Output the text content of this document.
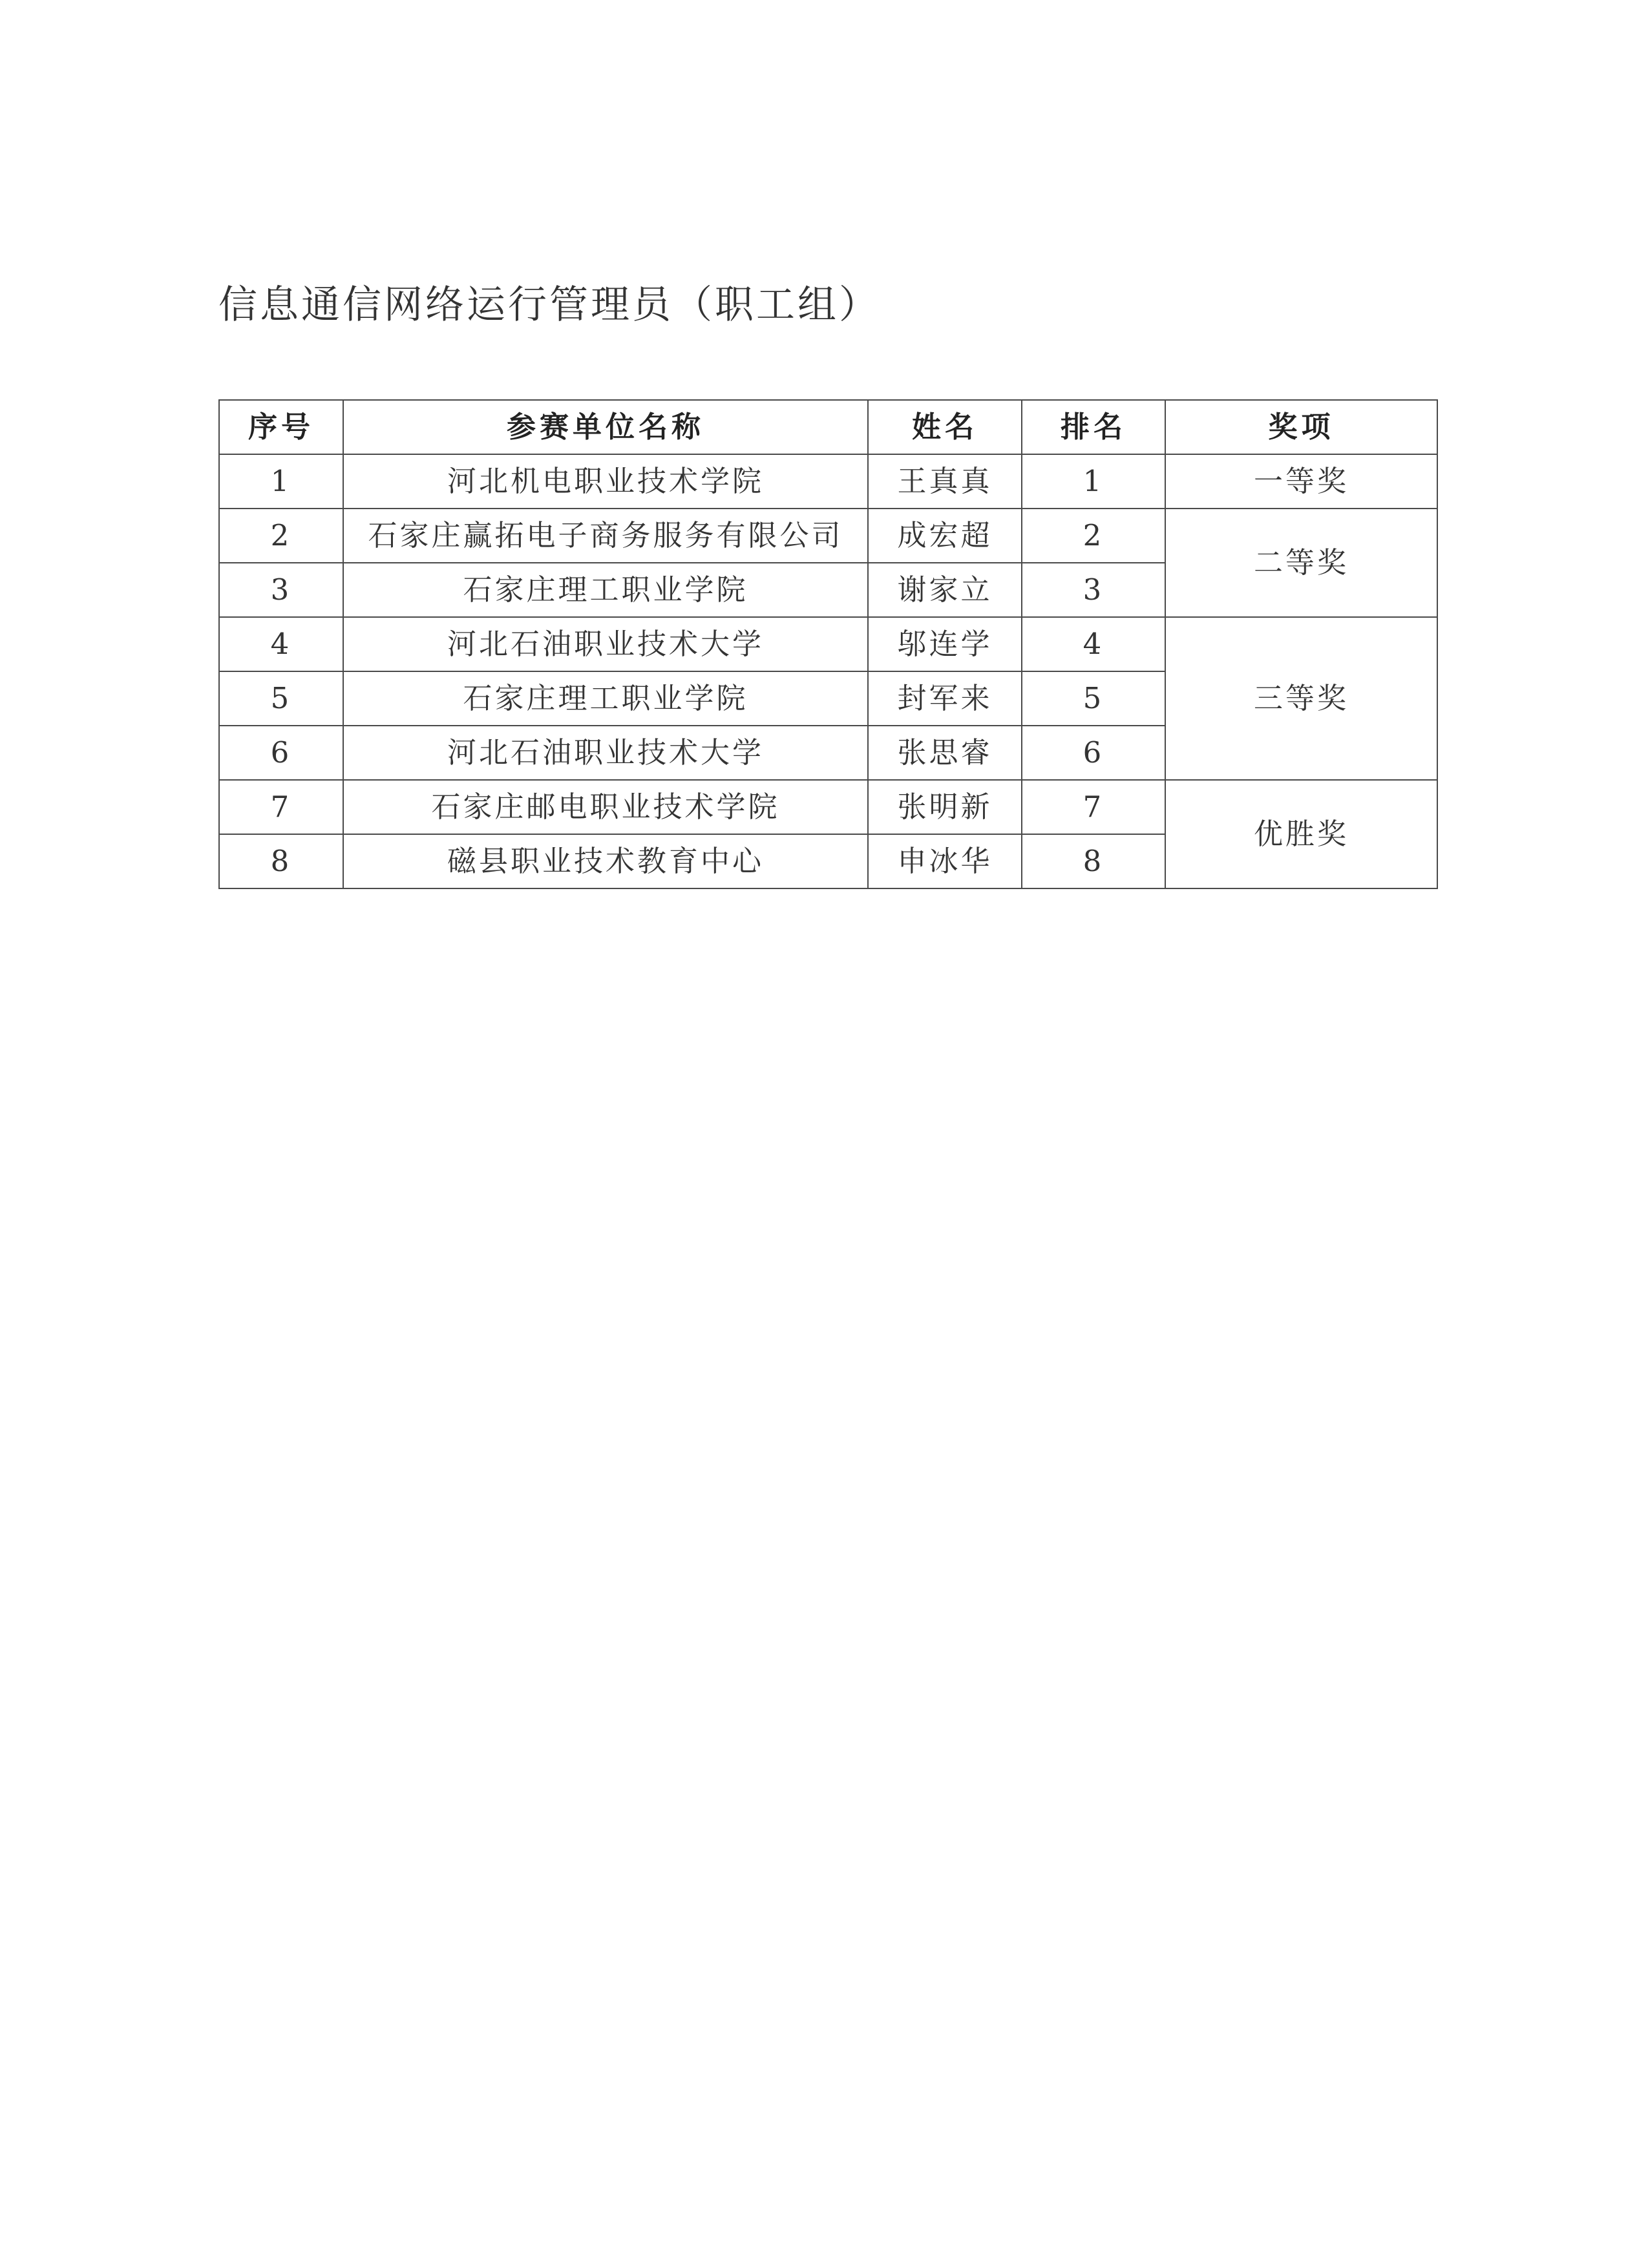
信息通信网络运行管理员（职工组）
序号	参赛单位名称	姓名	排名	奖项
1	河北机电职业技术学院	王真真	1	一等奖
2	石家庄赢拓电子商务服务有限公司	成宏超	2	二等奖
3	石家庄理工职业学院	谢家立	3	
4	河北石油职业技术大学	邬连学	4	三等奖
5	石家庄理工职业学院	封军来	5	
6	河北石油职业技术大学	张思睿	6	
7	石家庄邮电职业技术学院	张明新	7	优胜奖
8	磁县职业技术教育中心	申冰华	8	
